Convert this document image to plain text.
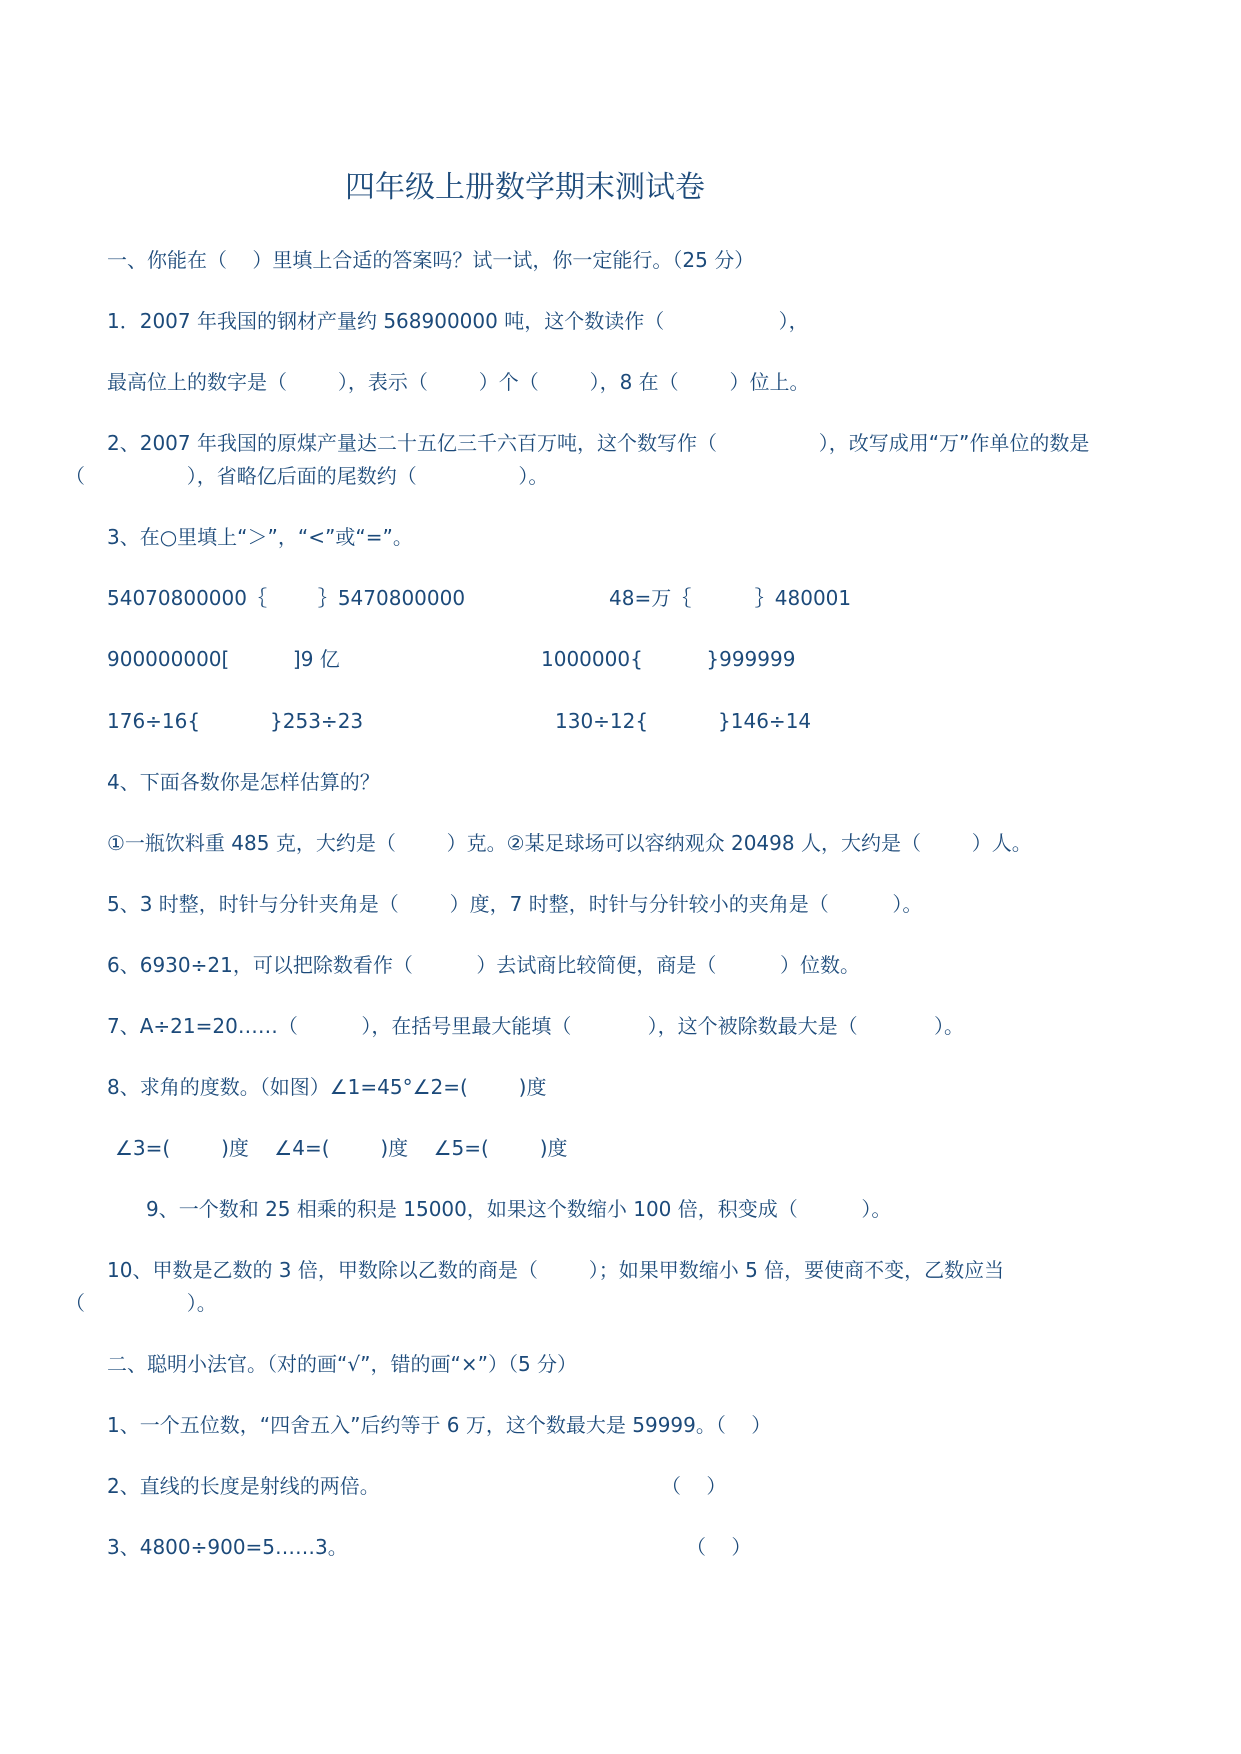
四年级上册数学期末测试卷
一、你能在（    ）里填上合适的答案吗？试一试，你一定能行。（25 分）
1．2007 年我国的钢材产量约 568900000 吨，这个数读作（                  ），
最高位上的数字是（        ），表示（        ）个（        ），8 在（        ）位上。
2、2007 年我国的原煤产量达二十五亿三千六百万吨，这个数写作（                ），改写成用“万”作单位的数是
（                ），省略亿后面的尾数约（                ）。
3、在○里填上“＞”，“<”或“=”。
54070800000｛        ｝5470800000	48=万｛          ｝480001
900000000[          ]9 亿	1000000{          }999999
176÷16{           }253÷23	130÷12{           }146÷14
4、下面各数你是怎样估算的？
①一瓶饮料重 485 克，大约是（        ）克。②某足球场可以容纳观众 20498 人，大约是（        ）人。
5、3 时整，时针与分针夹角是（        ）度，7 时整，时针与分针较小的夹角是（          ）。
6、6930÷21，可以把除数看作（          ）去试商比较简便，商是（          ）位数。
7、A÷21=20……（          ），在括号里最大能填（            ），这个被除数最大是（            ）。
8、求角的度数。（如图）∠1=45°∠2=(        )度
∠3=(        )度    ∠4=(        )度    ∠5=(        )度
9、一个数和 25 相乘的积是 15000，如果这个数缩小 100 倍，积变成（          ）。
10、甲数是乙数的 3 倍，甲数除以乙数的商是（        ）；如果甲数缩小 5 倍，要使商不变，乙数应当
（                ）。
二、聪明小法官。（对的画“√”，错的画“×”）（5 分）
1、一个五位数，“四舍五入”后约等于 6 万，这个数最大是 59999。（    ）
2、直线的长度是射线的两倍。	（    ）
3、4800÷900=5……3。	（    ）
